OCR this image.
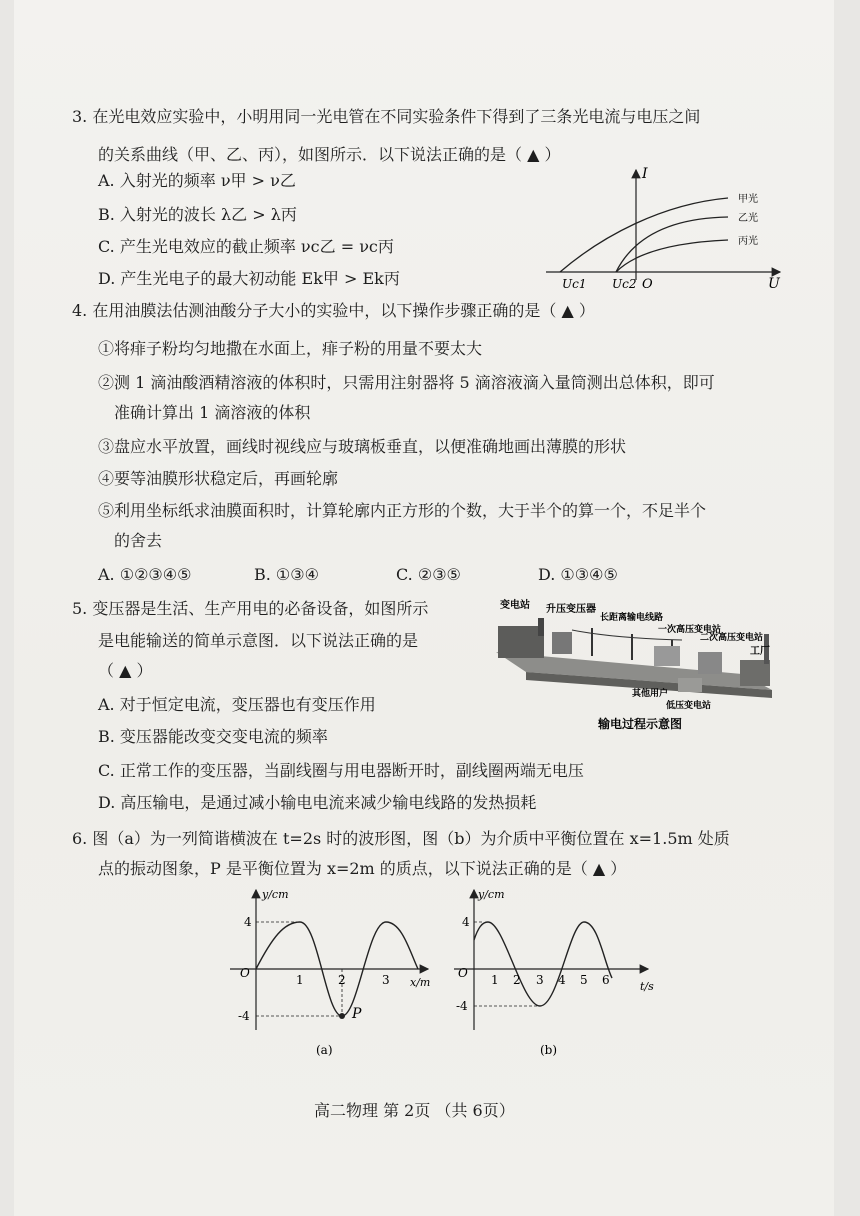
3. 在光电效应实验中，小明用同一光电管在不同实验条件下得到了三条光电流与电压之间
的关系曲线（甲、乙、丙），如图所示．以下说法正确的是（ ▲ ）
A. 入射光的频率 ν甲 > ν乙
B. 入射光的波长 λ乙 > λ丙
C. 产生光电效应的截止频率 νc乙 = νc丙
D. 产生光电子的最大初动能 Ek甲 > Ek丙
I
U
O
Uc1 Uc2
甲光
乙光
丙光
4. 在用油膜法估测油酸分子大小的实验中，以下操作步骤正确的是（ ▲ ）
①将痱子粉均匀地撒在水面上，痱子粉的用量不要太大
②测 1 滴油酸酒精溶液的体积时，只需用注射器将 5 滴溶液滴入量筒测出总体积，即可
准确计算出 1 滴溶液的体积
③盘应水平放置，画线时视线应与玻璃板垂直，以便准确地画出薄膜的形状
④要等油膜形状稳定后，再画轮廓
⑤利用坐标纸求油膜面积时，计算轮廓内正方形的个数，大于半个的算一个，不足半个
的舍去
A. ①②③④⑤	B. ①③④	C. ②③⑤	D. ①③④⑤
5. 变压器是生活、生产用电的必备设备，如图所示
是电能输送的简单示意图．以下说法正确的是
（ ▲ ）
A. 对于恒定电流，变压器也有变压作用
B. 变压器能改变交变电流的频率
C. 正常工作的变压器，当副线圈与用电器断开时，副线圈两端无电压
D. 高压输电，是通过减小输电电流来减少输电线路的发热损耗
变电站 升压变压器
长距离输电线路
一次高压变电站
二次高压变电站
工厂
其他用户
低压变电站
输电过程示意图
6. 图（a）为一列简谐横波在 t=2s 时的波形图，图（b）为介质中平衡位置在 x=1.5m 处质
点的振动图象，P 是平衡位置为 x=2m 的质点，以下说法正确的是（ ▲ ）
y/cm
x/m
O
4
-4
1	2	3
P
(a)
y/cm
t/s
O
4
-4
1 2 3 4 5 6
(b)
高二物理 第 2页 （共 6页）
